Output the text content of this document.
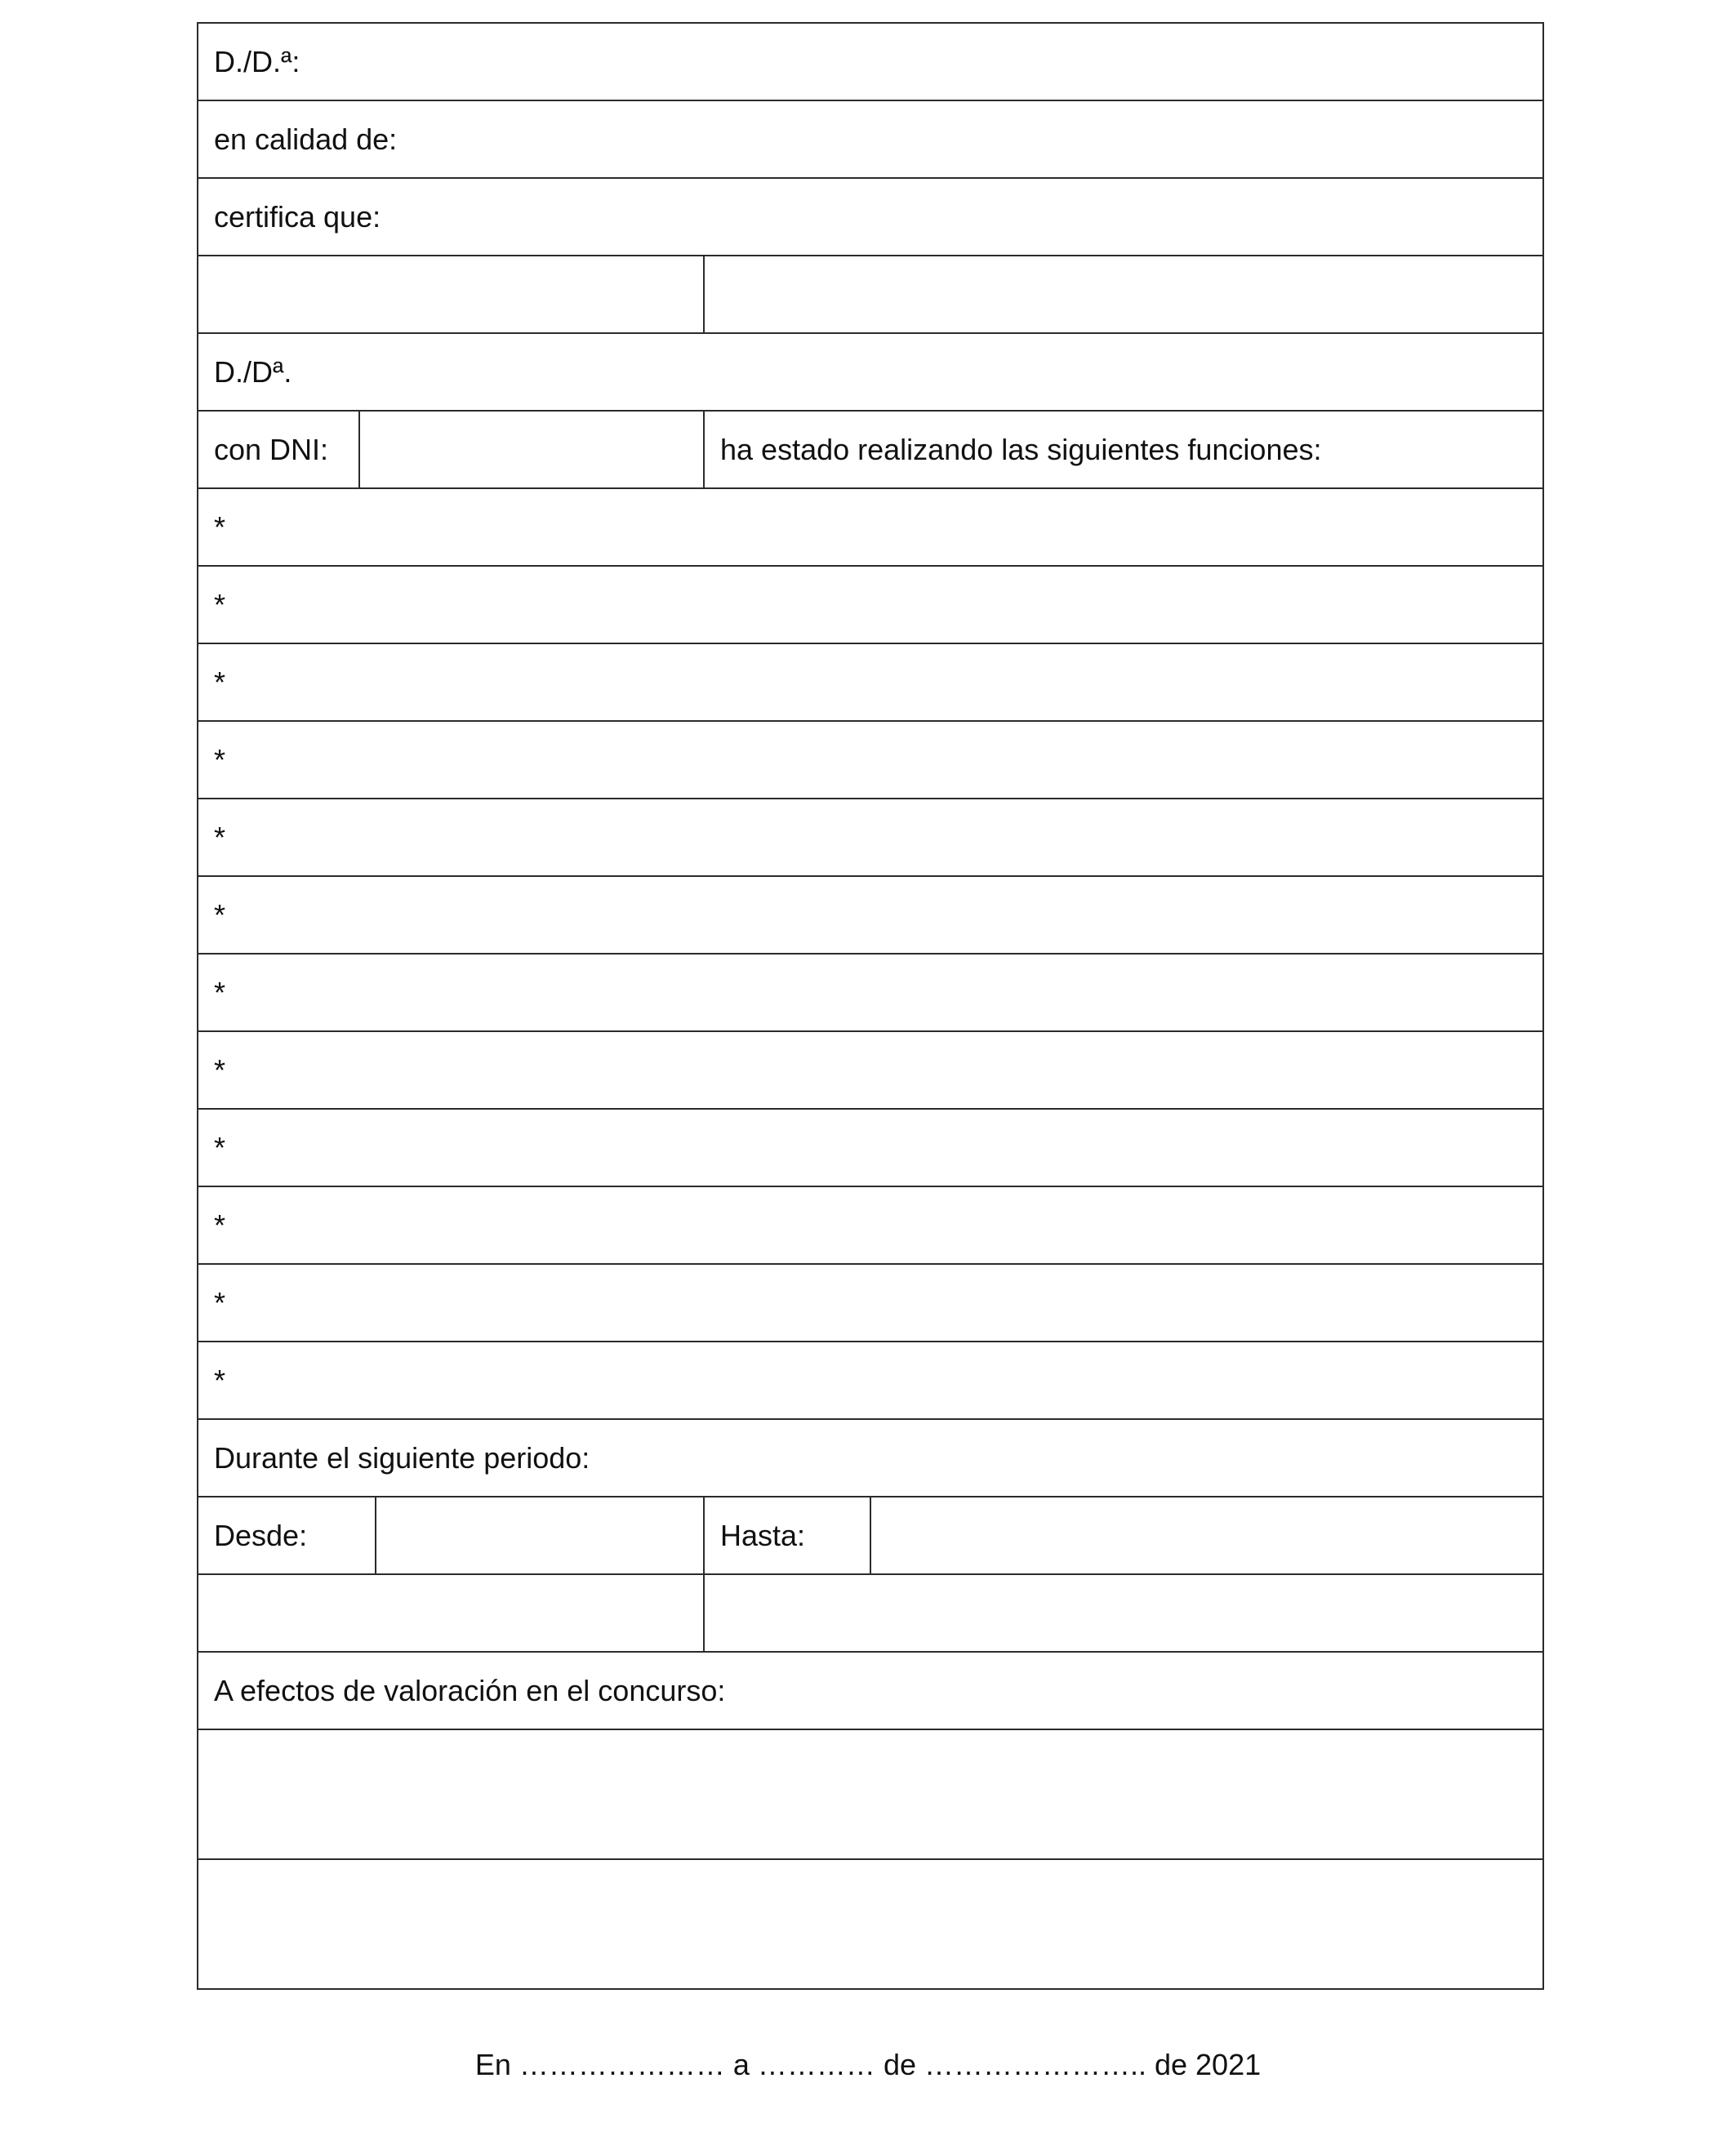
D./D.ª:				
en calidad de:				
certifica que:				

D./Dª.				
con DNI:			ha estado realizando las siguientes funciones:	
*				
*				
*				
*				
*				
*				
*				
*				
*				
*				
*				
*				
Durante el siguiente periodo:				
Desde:			Hasta:	

A efectos de valoración en el concurso:				

En ………………… a ………… de ………………….. de 2021
